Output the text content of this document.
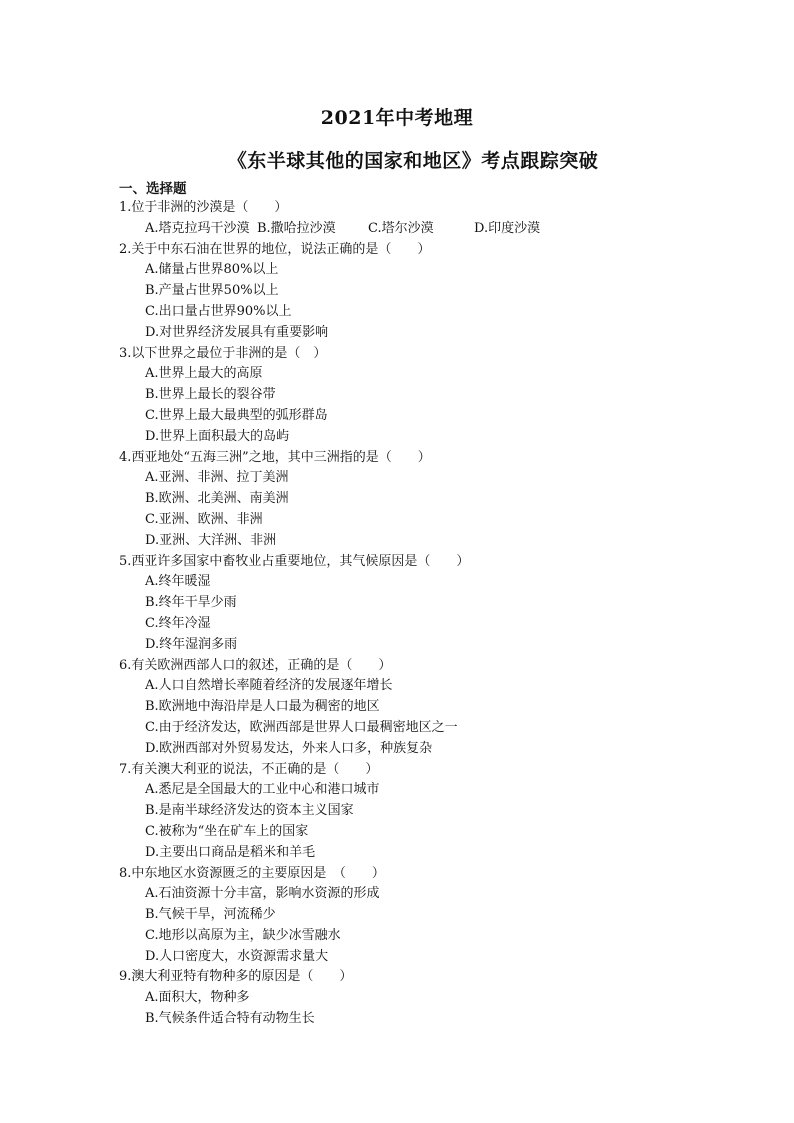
2021年中考地理
《东半球其他的国家和地区》考点跟踪突破
一、选择题
1.位于非洲的沙漠是（　　）
A.塔克拉玛干沙漠 B.撒哈拉沙漠	C.塔尔沙漠	D.印度沙漠
2.关于中东石油在世界的地位，说法正确的是（　　）
A.储量占世界80%以上
B.产量占世界50%以上
C.出口量占世界90%以上
D.对世界经济发展具有重要影响
3.以下世界之最位于非洲的是（　）
A.世界上最大的高原
B.世界上最长的裂谷带
C.世界上最大最典型的弧形群岛
D.世界上面积最大的岛屿
4.西亚地处“五海三洲”之地，其中三洲指的是（　　）
A.亚洲、非洲、拉丁美洲
B.欧洲、北美洲、南美洲
C.亚洲、欧洲、非洲
D.亚洲、大洋洲、非洲
5.西亚许多国家中畜牧业占重要地位，其气候原因是（　　）
A.终年暖湿
B.终年干旱少雨
C.终年冷湿
D.终年湿润多雨
6.有关欧洲西部人口的叙述，正确的是（　　）
A.人口自然增长率随着经济的发展逐年增长
B.欧洲地中海沿岸是人口最为稠密的地区
C.由于经济发达，欧洲西部是世界人口最稠密地区之一
D.欧洲西部对外贸易发达，外来人口多，种族复杂
7.有关澳大利亚的说法，不正确的是（　　）
A.悉尼是全国最大的工业中心和港口城市
B.是南半球经济发达的资本主义国家
C.被称为“坐在矿车上的国家
D.主要出口商品是稻米和羊毛
8.中东地区水资源匮乏的主要原因是　（　　）
A.石油资源十分丰富，影响水资源的形成
B.气候干旱，河流稀少
C.地形以高原为主，缺少冰雪融水
D.人口密度大，水资源需求量大
9.澳大利亚特有物种多的原因是（　　）
A.面积大，物种多
B.气候条件适合特有动物生长
